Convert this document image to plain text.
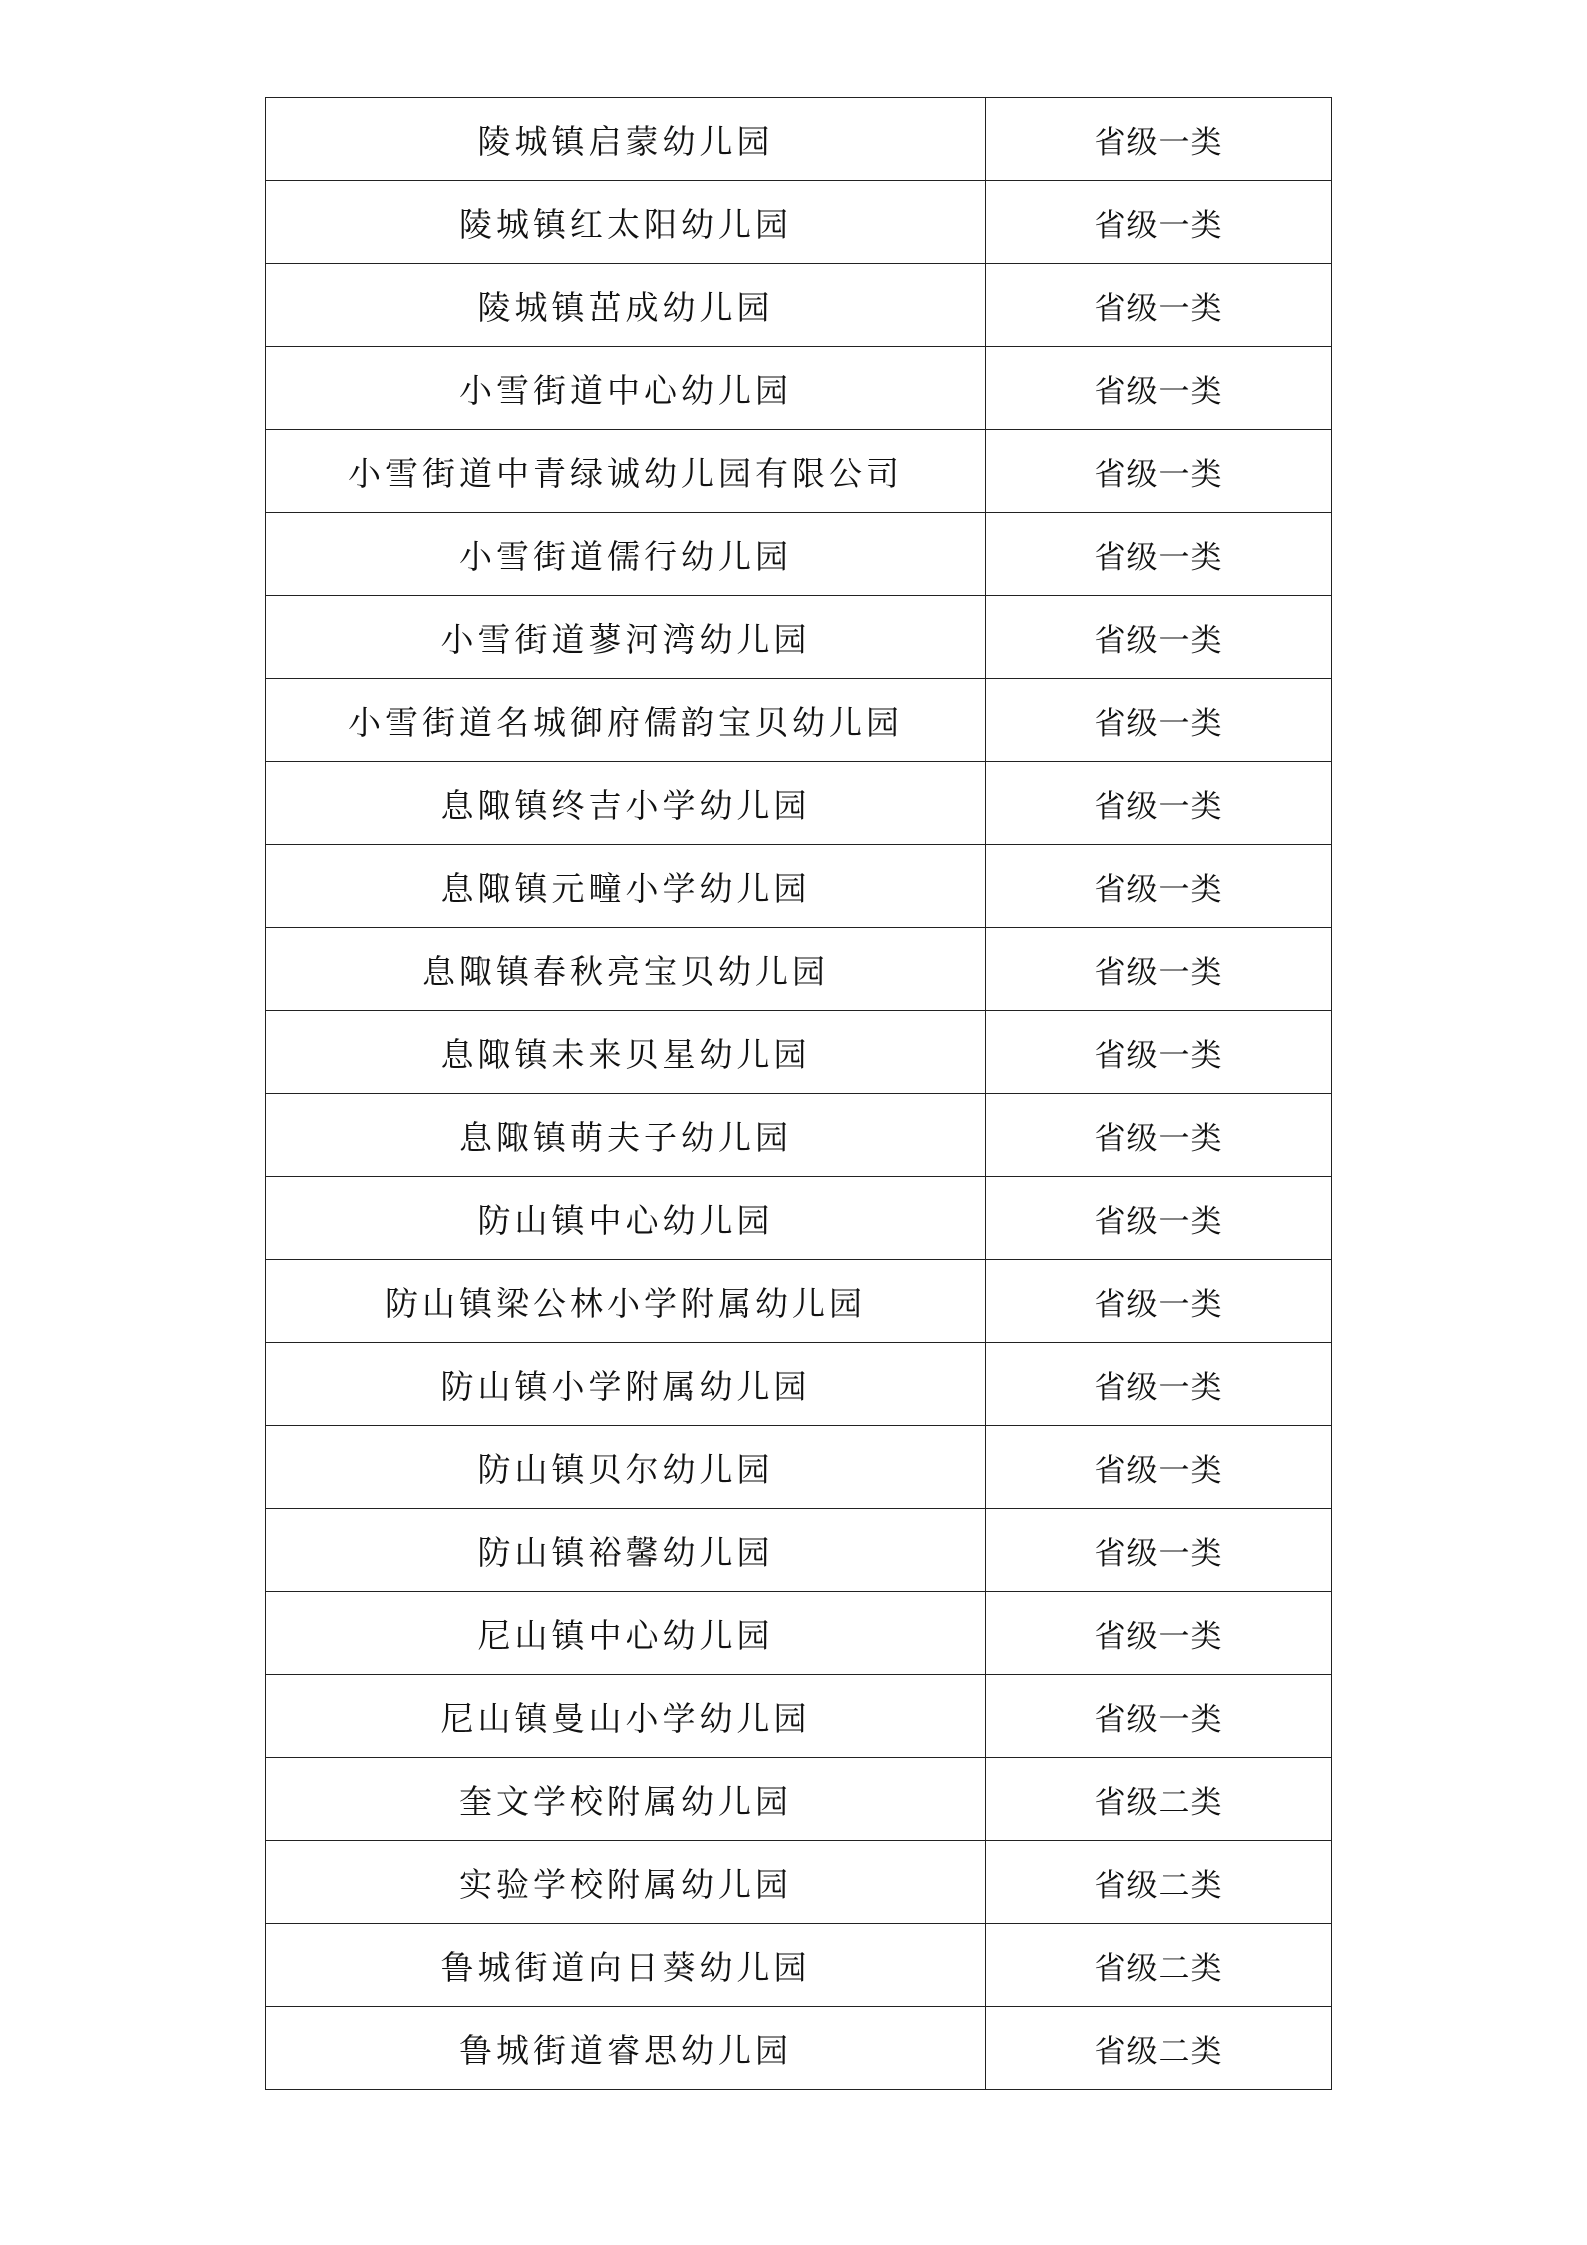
陵城镇启蒙幼儿园	省级一类
陵城镇红太阳幼儿园	省级一类
陵城镇茁成幼儿园	省级一类
小雪街道中心幼儿园	省级一类
小雪街道中青绿诚幼儿园有限公司	省级一类
小雪街道儒行幼儿园	省级一类
小雪街道蓼河湾幼儿园	省级一类
小雪街道名城御府儒韵宝贝幼儿园	省级一类
息陬镇终吉小学幼儿园	省级一类
息陬镇元疃小学幼儿园	省级一类
息陬镇春秋亮宝贝幼儿园	省级一类
息陬镇未来贝星幼儿园	省级一类
息陬镇萌夫子幼儿园	省级一类
防山镇中心幼儿园	省级一类
防山镇梁公林小学附属幼儿园	省级一类
防山镇小学附属幼儿园	省级一类
防山镇贝尔幼儿园	省级一类
防山镇裕馨幼儿园	省级一类
尼山镇中心幼儿园	省级一类
尼山镇曼山小学幼儿园	省级一类
奎文学校附属幼儿园	省级二类
实验学校附属幼儿园	省级二类
鲁城街道向日葵幼儿园	省级二类
鲁城街道睿思幼儿园	省级二类
